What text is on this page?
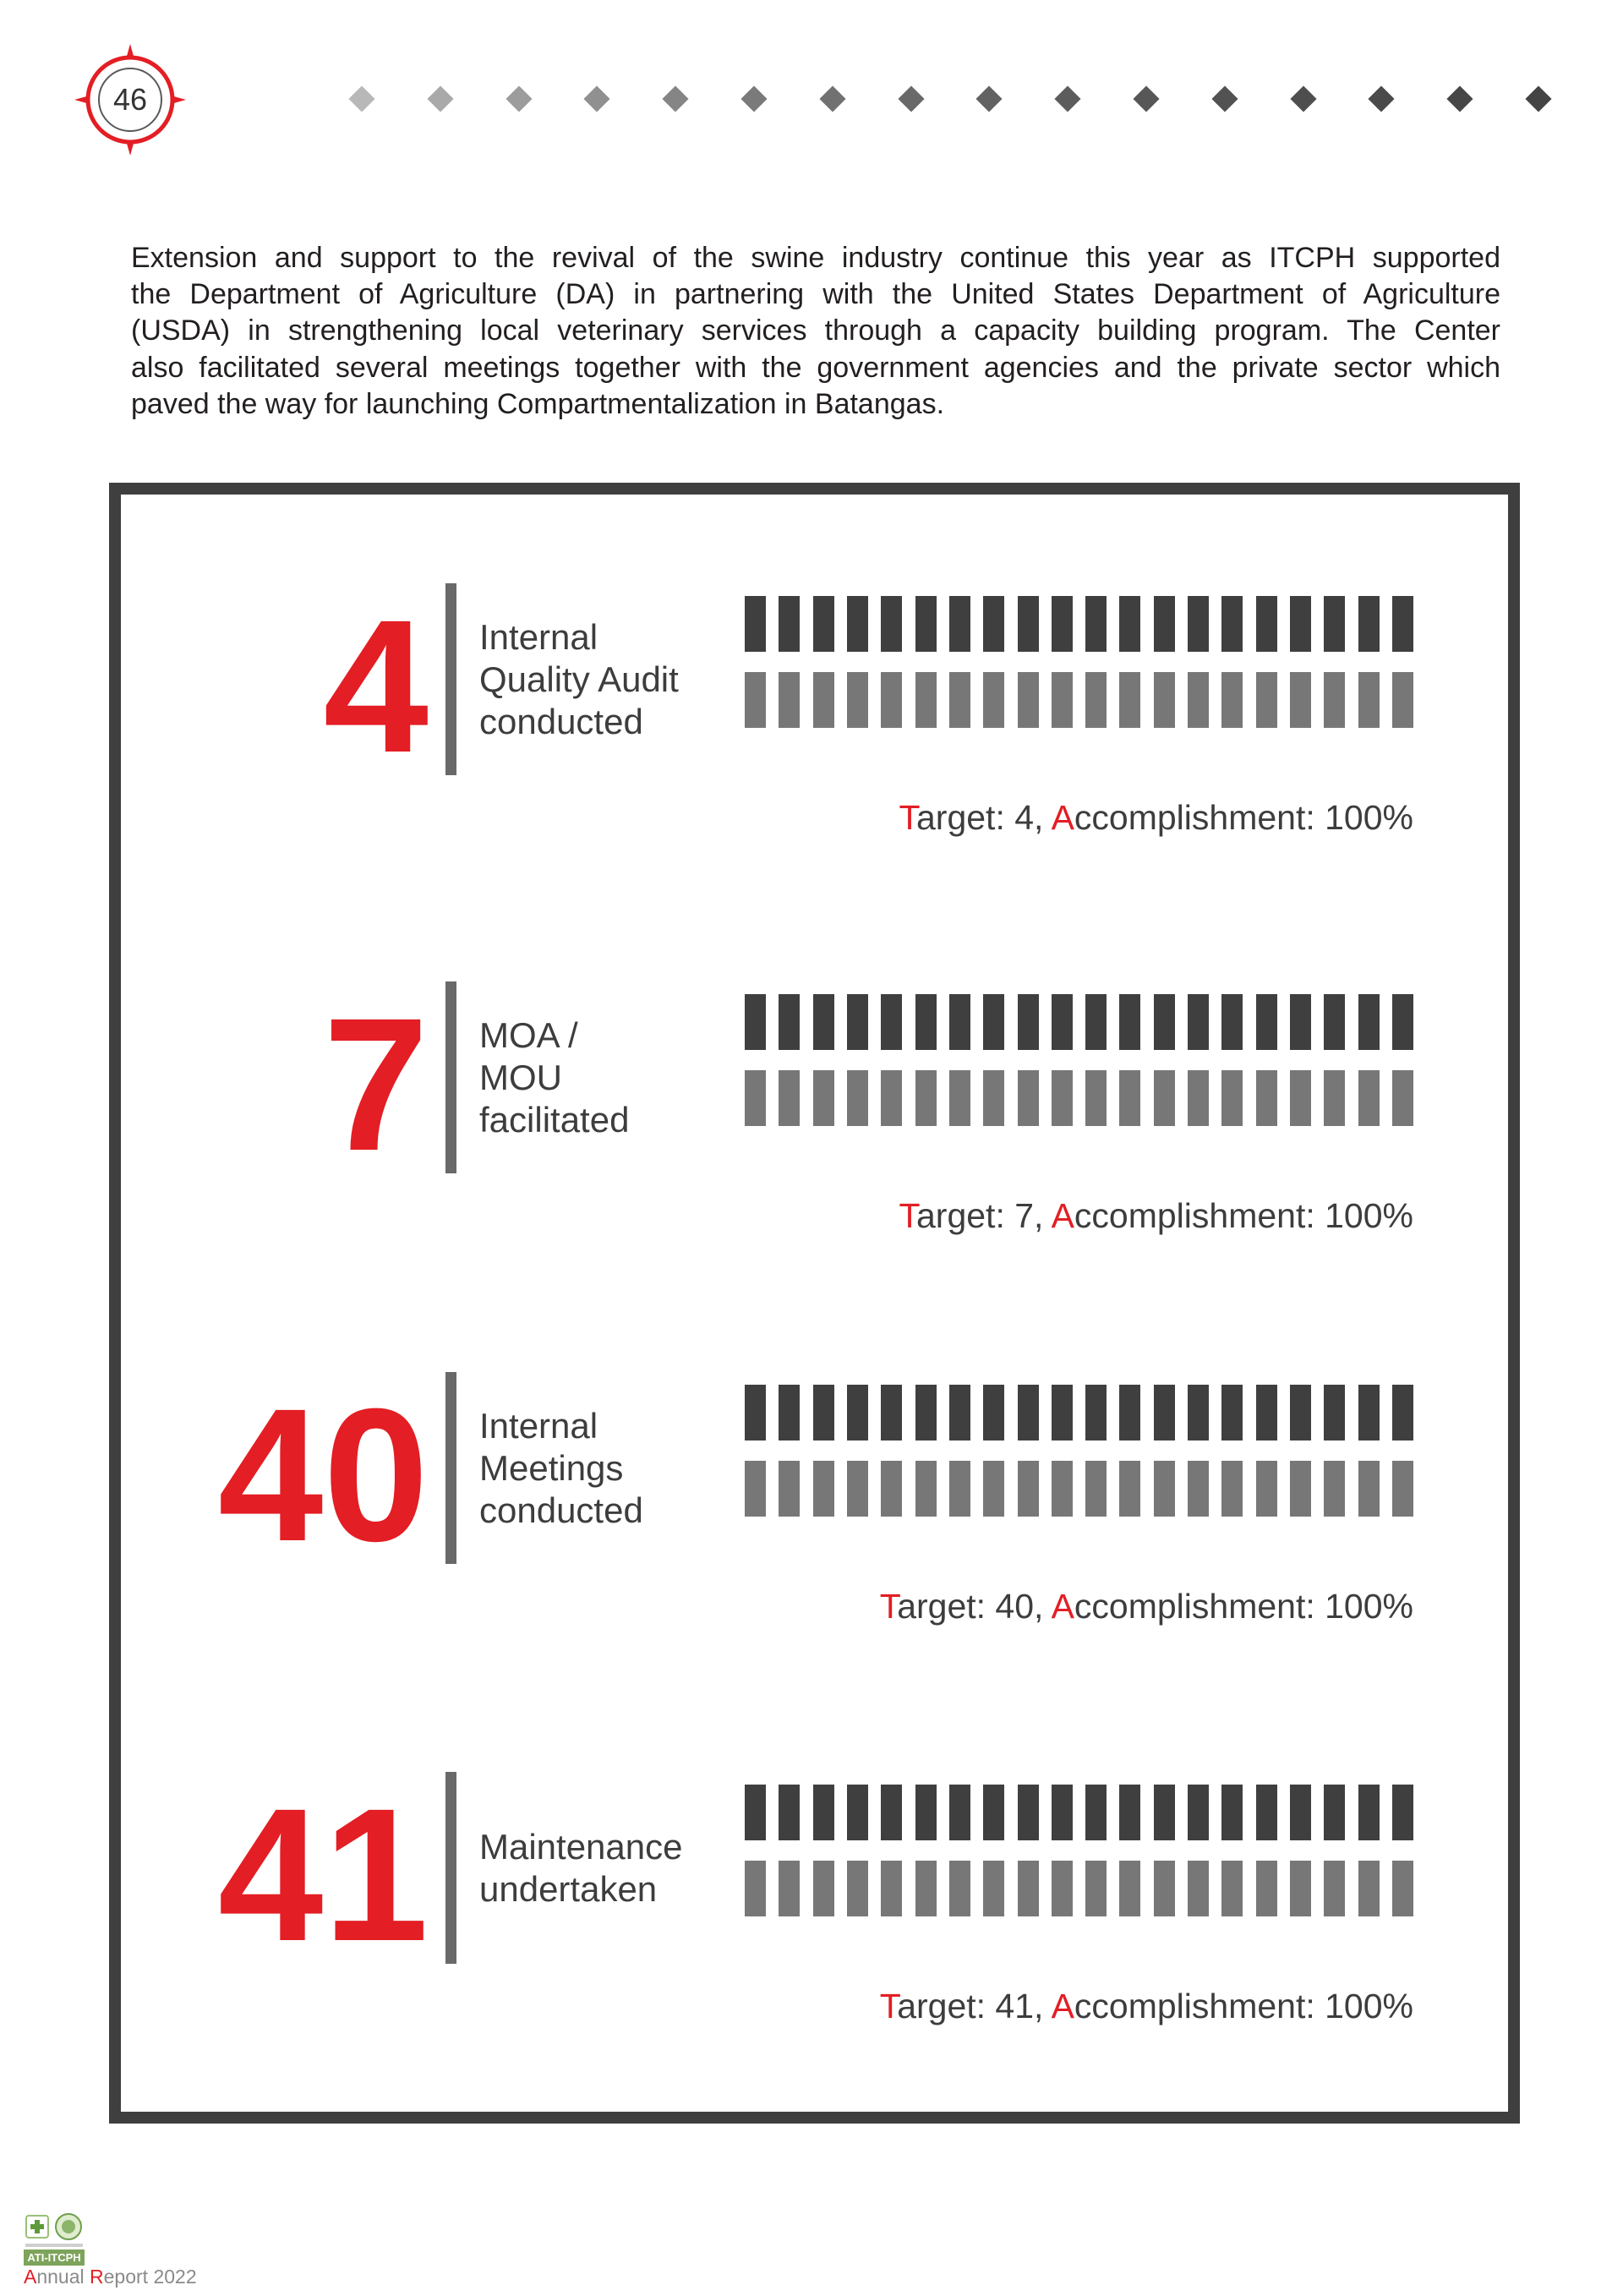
46
Extension and support to the revival of the swine industry continue this year as ITCPH supported
the Department of Agriculture (DA) in partnering with the United States Department of Agriculture
(USDA) in strengthening local veterinary services through a capacity building program. The Center
also facilitated several meetings together with the government agencies and the private sector which
paved the way for launching Compartmentalization in Batangas.
4 Internal
Quality Audit
conducted
Target: 4, Accomplishment: 100%
7 MOA /
MOU
facilitated
Target: 7, Accomplishment: 100%
40 Internal
Meetings
conducted
Target: 40, Accomplishment: 100%
41 Maintenance
undertaken
Target: 41, Accomplishment: 100%
ATI-ITCPH
Annual Report 2022
